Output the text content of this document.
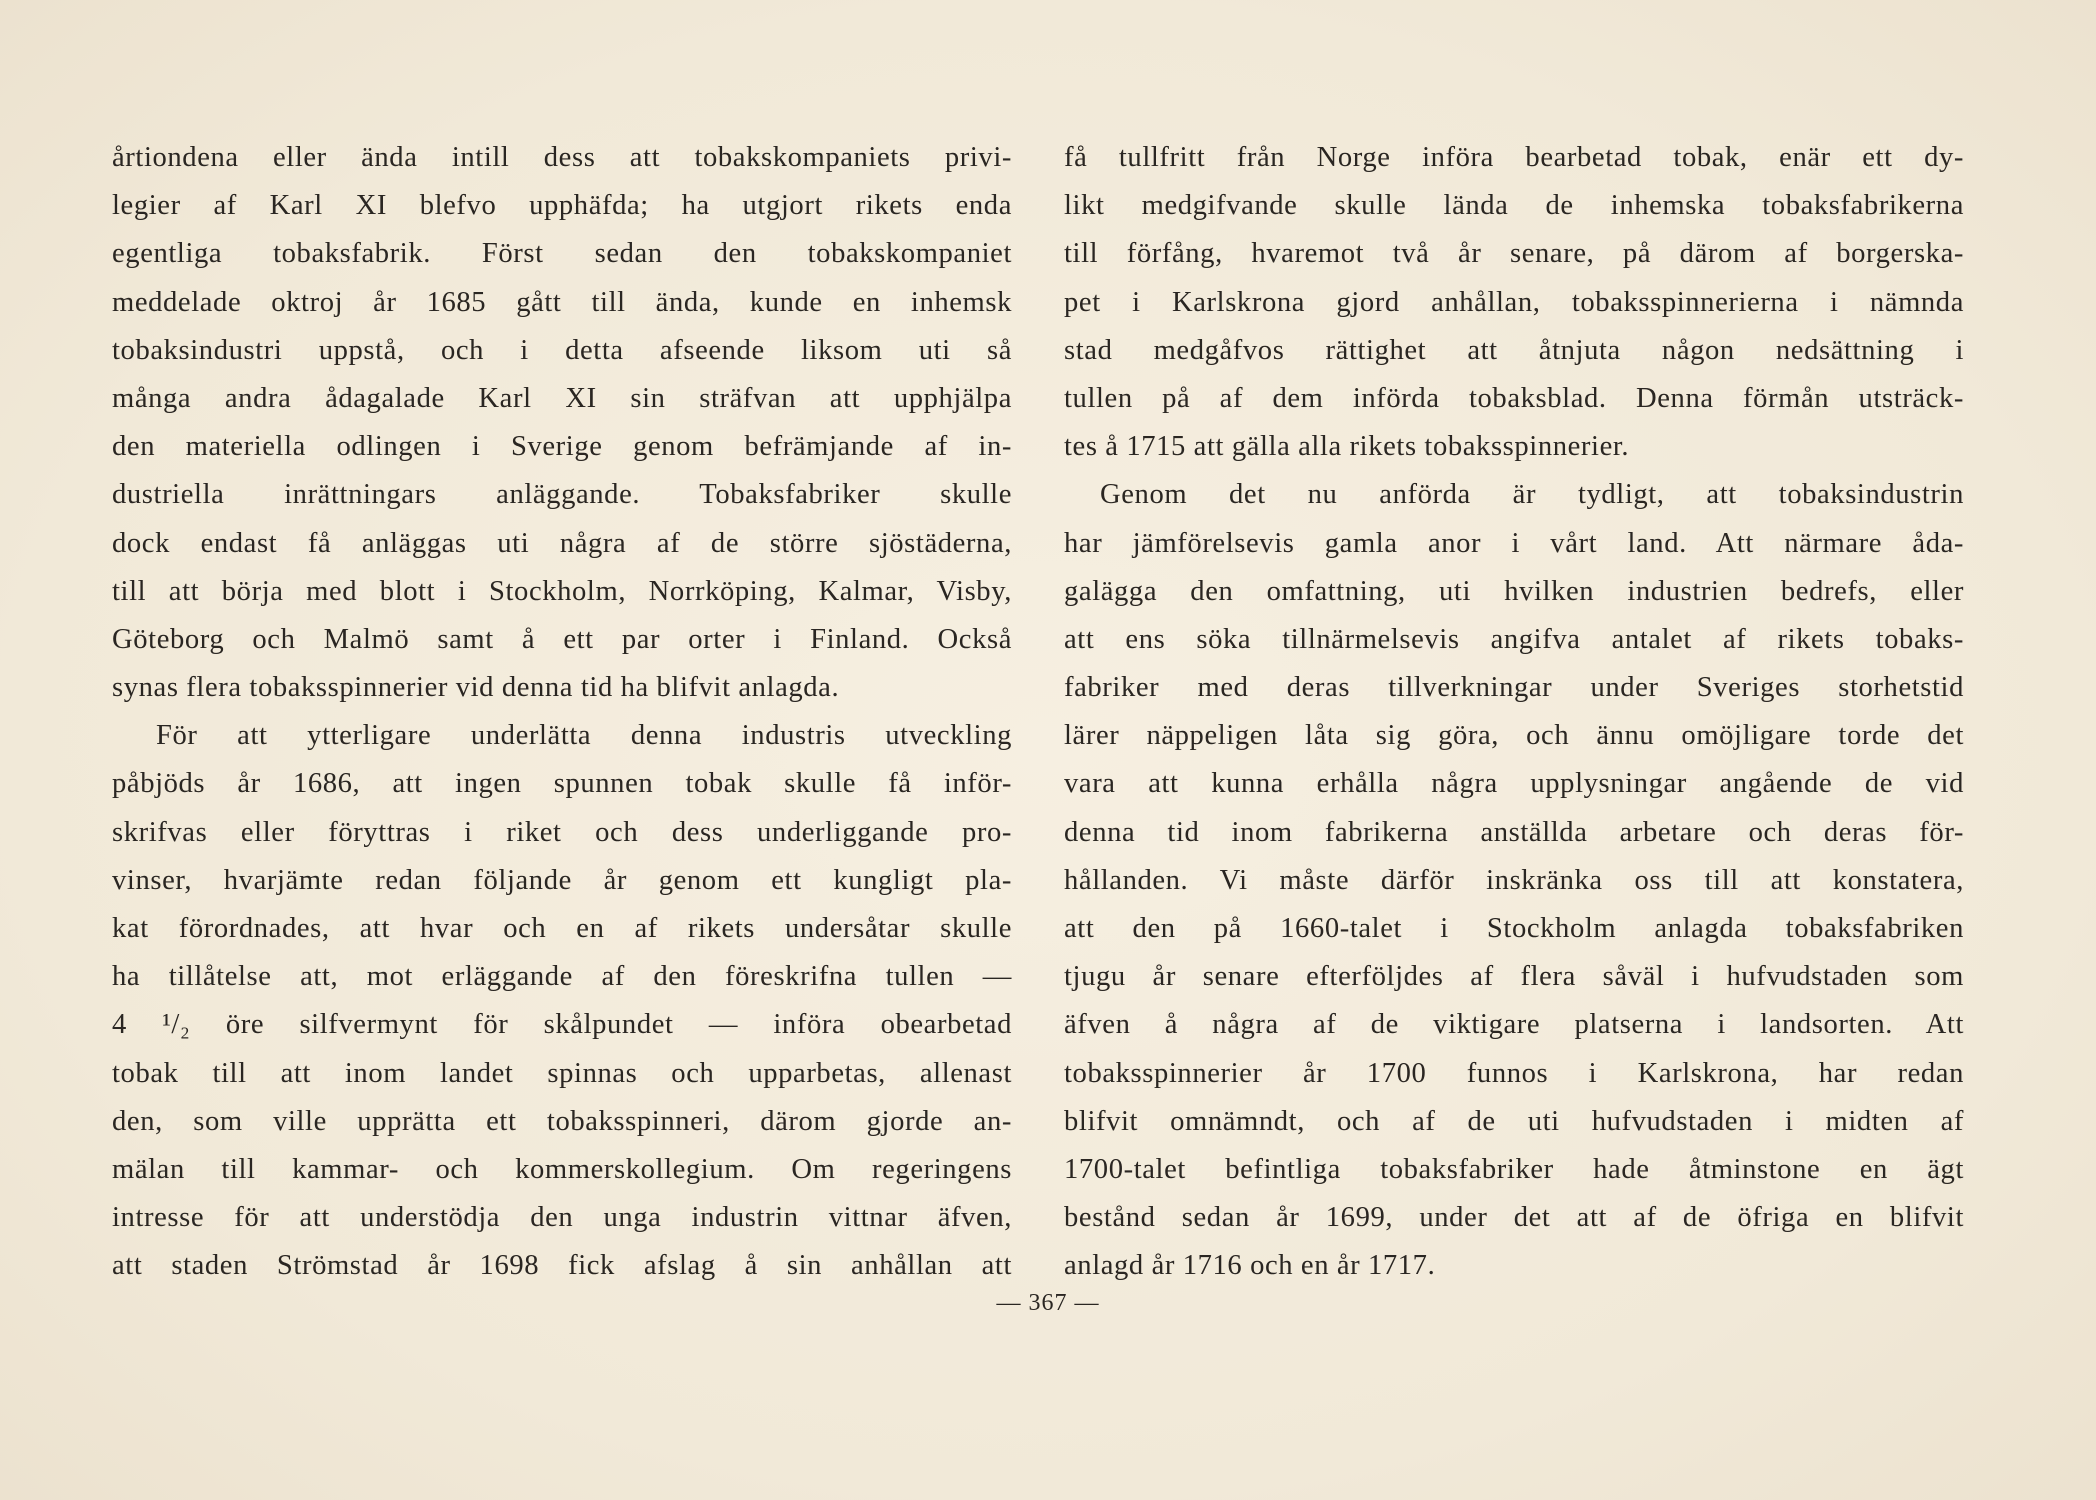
årtiondena eller ända intill dess att tobakskompaniets privi-
legier af Karl XI blefvo upphäfda; ha utgjort rikets enda
egentliga tobaksfabrik. Först sedan den tobakskompaniet
meddelade oktroj år 1685 gått till ända, kunde en inhemsk
tobaksindustri uppstå, och i detta afseende liksom uti så
många andra ådagalade Karl XI sin sträfvan att upphjälpa
den materiella odlingen i Sverige genom befrämjande af in-
dustriella inrättningars anläggande. Tobaksfabriker skulle
dock endast få anläggas uti några af de större sjöstäderna,
till att börja med blott i Stockholm, Norrköping, Kalmar, Visby,
Göteborg och Malmö samt å ett par orter i Finland. Också
synas flera tobaksspinnerier vid denna tid ha blifvit anlagda.
För att ytterligare underlätta denna industris utveckling
påbjöds år 1686, att ingen spunnen tobak skulle få inför-
skrifvas eller föryttras i riket och dess underliggande pro-
vinser, hvarjämte redan följande år genom ett kungligt pla-
kat förordnades, att hvar och en af rikets undersåtar skulle
ha tillåtelse att, mot erläggande af den föreskrifna tullen —
4 ¹/₂ öre silfvermynt för skålpundet — införa obearbetad
tobak till att inom landet spinnas och upparbetas, allenast
den, som ville upprätta ett tobaksspinneri, därom gjorde an-
mälan till kammar- och kommerskollegium. Om regeringens
intresse för att understödja den unga industrin vittnar äfven,
att staden Strömstad år 1698 fick afslag å sin anhållan att
få tullfritt från Norge införa bearbetad tobak, enär ett dy-
likt medgifvande skulle lända de inhemska tobaksfabrikerna
till förfång, hvaremot två år senare, på därom af borgerska-
pet i Karlskrona gjord anhållan, tobaksspinnerierna i nämnda
stad medgåfvos rättighet att åtnjuta någon nedsättning i
tullen på af dem införda tobaksblad. Denna förmån utsträck-
tes å 1715 att gälla alla rikets tobaksspinnerier.
Genom det nu anförda är tydligt, att tobaksindustrin
har jämförelsevis gamla anor i vårt land. Att närmare åda-
galägga den omfattning, uti hvilken industrien bedrefs, eller
att ens söka tillnärmelsevis angifva antalet af rikets tobaks-
fabriker med deras tillverkningar under Sveriges storhetstid
lärer näppeligen låta sig göra, och ännu omöjligare torde det
vara att kunna erhålla några upplysningar angående de vid
denna tid inom fabrikerna anställda arbetare och deras för-
hållanden. Vi måste därför inskränka oss till att konstatera,
att den på 1660-talet i Stockholm anlagda tobaksfabriken
tjugu år senare efterföljdes af flera såväl i hufvudstaden som
äfven å några af de viktigare platserna i landsorten. Att
tobaksspinnerier år 1700 funnos i Karlskrona, har redan
blifvit omnämndt, och af de uti hufvudstaden i midten af
1700-talet befintliga tobaksfabriker hade åtminstone en ägt
bestånd sedan år 1699, under det att af de öfriga en blifvit
anlagd år 1716 och en år 1717.
— 367 —
